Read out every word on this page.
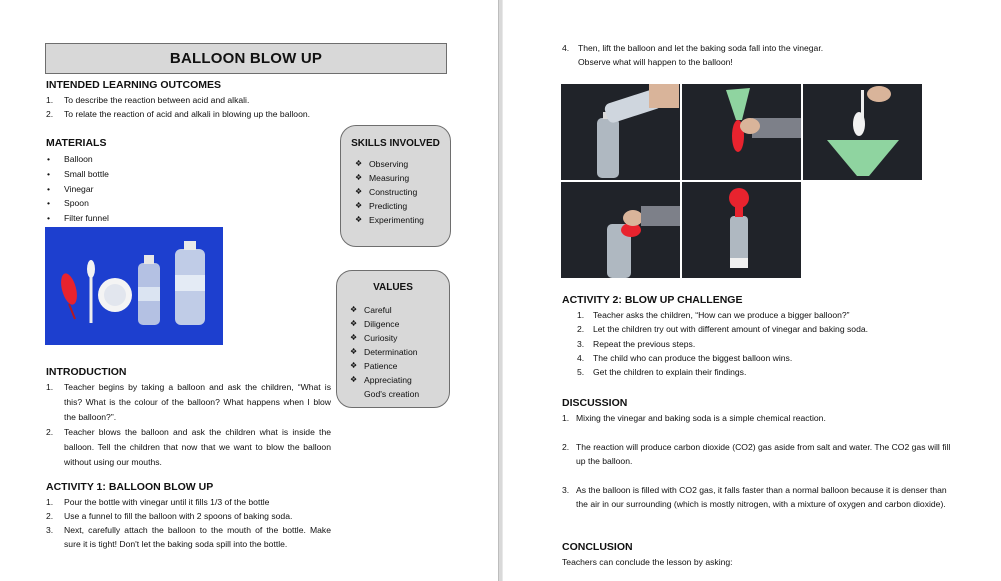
BALLOON BLOW UP
INTENDED LEARNING OUTCOMES
1. To describe the reaction between acid and alkali.
2. To relate the reaction of acid and alkali in blowing up the balloon.
MATERIALS
• Balloon
• Small bottle
• Vinegar
• Spoon
• Filter funnel
SKILLS INVOLVED
❖ Observing
❖ Measuring
❖ Constructing
❖ Predicting
❖ Experimenting
VALUES
❖ Careful
❖ Diligence
❖ Curiosity
❖ Determination
❖ Patience
❖ Appreciating
God's creation
INTRODUCTION
1. Teacher begins by taking a balloon and ask the children, “What is this? What is the colour of the balloon? What happens when I blow the balloon?”.
2. Teacher blows the balloon and ask the children what is inside the balloon. Tell the children that now that we want to blow the balloon without using our mouths.
ACTIVITY 1: BALLOON BLOW UP
1. Pour the bottle with vinegar until it fills 1/3 of the bottle
2. Use a funnel to fill the balloon with 2 spoons of baking soda.
3. Next, carefully attach the balloon to the mouth of the bottle. Make sure it is tight! Don't let the baking soda spill into the bottle.
4. Then, lift the balloon and let the baking soda fall into the vinegar.
Observe what will happen to the balloon!
ACTIVITY 2: BLOW UP CHALLENGE
1. Teacher asks the children, “How can we produce a bigger balloon?”
2. Let the children try out with different amount of vinegar and baking soda.
3. Repeat the previous steps.
4. The child who can produce the biggest balloon wins.
5. Get the children to explain their findings.
DISCUSSION
1. Mixing the vinegar and baking soda is a simple chemical reaction.
2. The reaction will produce carbon dioxide (CO2) gas aside from salt and water. The CO2 gas will fill up the balloon.
3. As the balloon is filled with CO2 gas, it falls faster than a normal balloon because it is denser than the air in our surrounding (which is mostly nitrogen, with a mixture of oxygen and carbon dioxide).
CONCLUSION
Teachers can conclude the lesson by asking:
